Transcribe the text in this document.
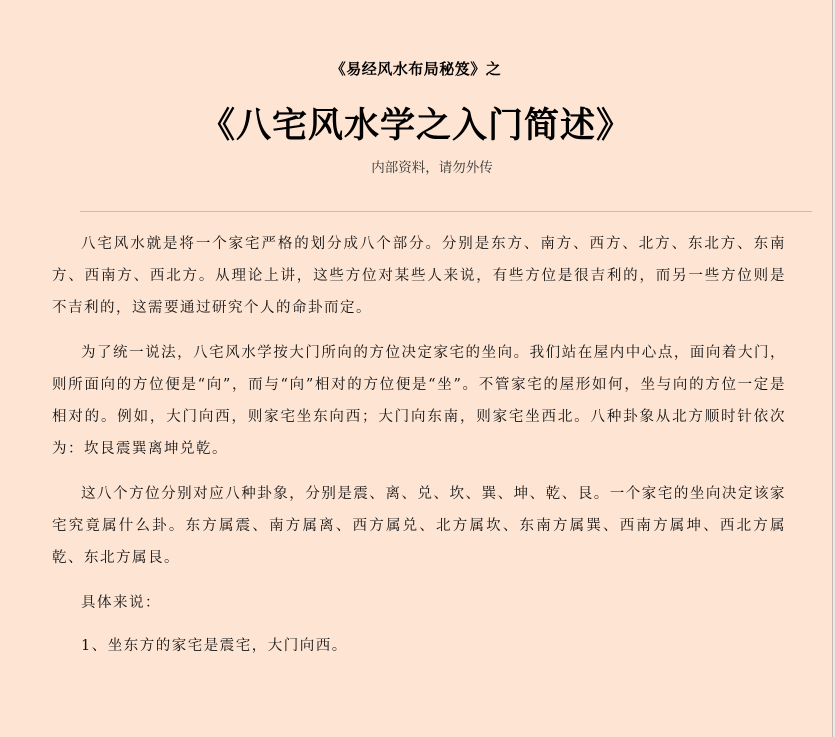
《易经风水布局秘笈》之
《八宅风水学之入门简述》
内部资料，请勿外传

八宅风水就是将一个家宅严格的划分成八个部分。分别是东方、南方、西方、北方、东北方、东南方、西南方、西北方。从理论上讲，这些方位对某些人来说，有些方位是很吉利的，而另一些方位则是不吉利的，这需要通过研究个人的命卦而定。

为了统一说法，八宅风水学按大门所向的方位决定家宅的坐向。我们站在屋内中心点，面向着大门，则所面向的方位便是“向”，而与“向”相对的方位便是“坐”。不管家宅的屋形如何，坐与向的方位一定是相对的。例如，大门向西，则家宅坐东向西；大门向东南，则家宅坐西北。八种卦象从北方顺时针依次为：坎艮震巽离坤兑乾。

这八个方位分别对应八种卦象，分别是震、离、兑、坎、巽、坤、乾、艮。一个家宅的坐向决定该家宅究竟属什么卦。东方属震、南方属离、西方属兑、北方属坎、东南方属巽、西南方属坤、西北方属乾、东北方属艮。

具体来说：

1、坐东方的家宅是震宅，大门向西。
